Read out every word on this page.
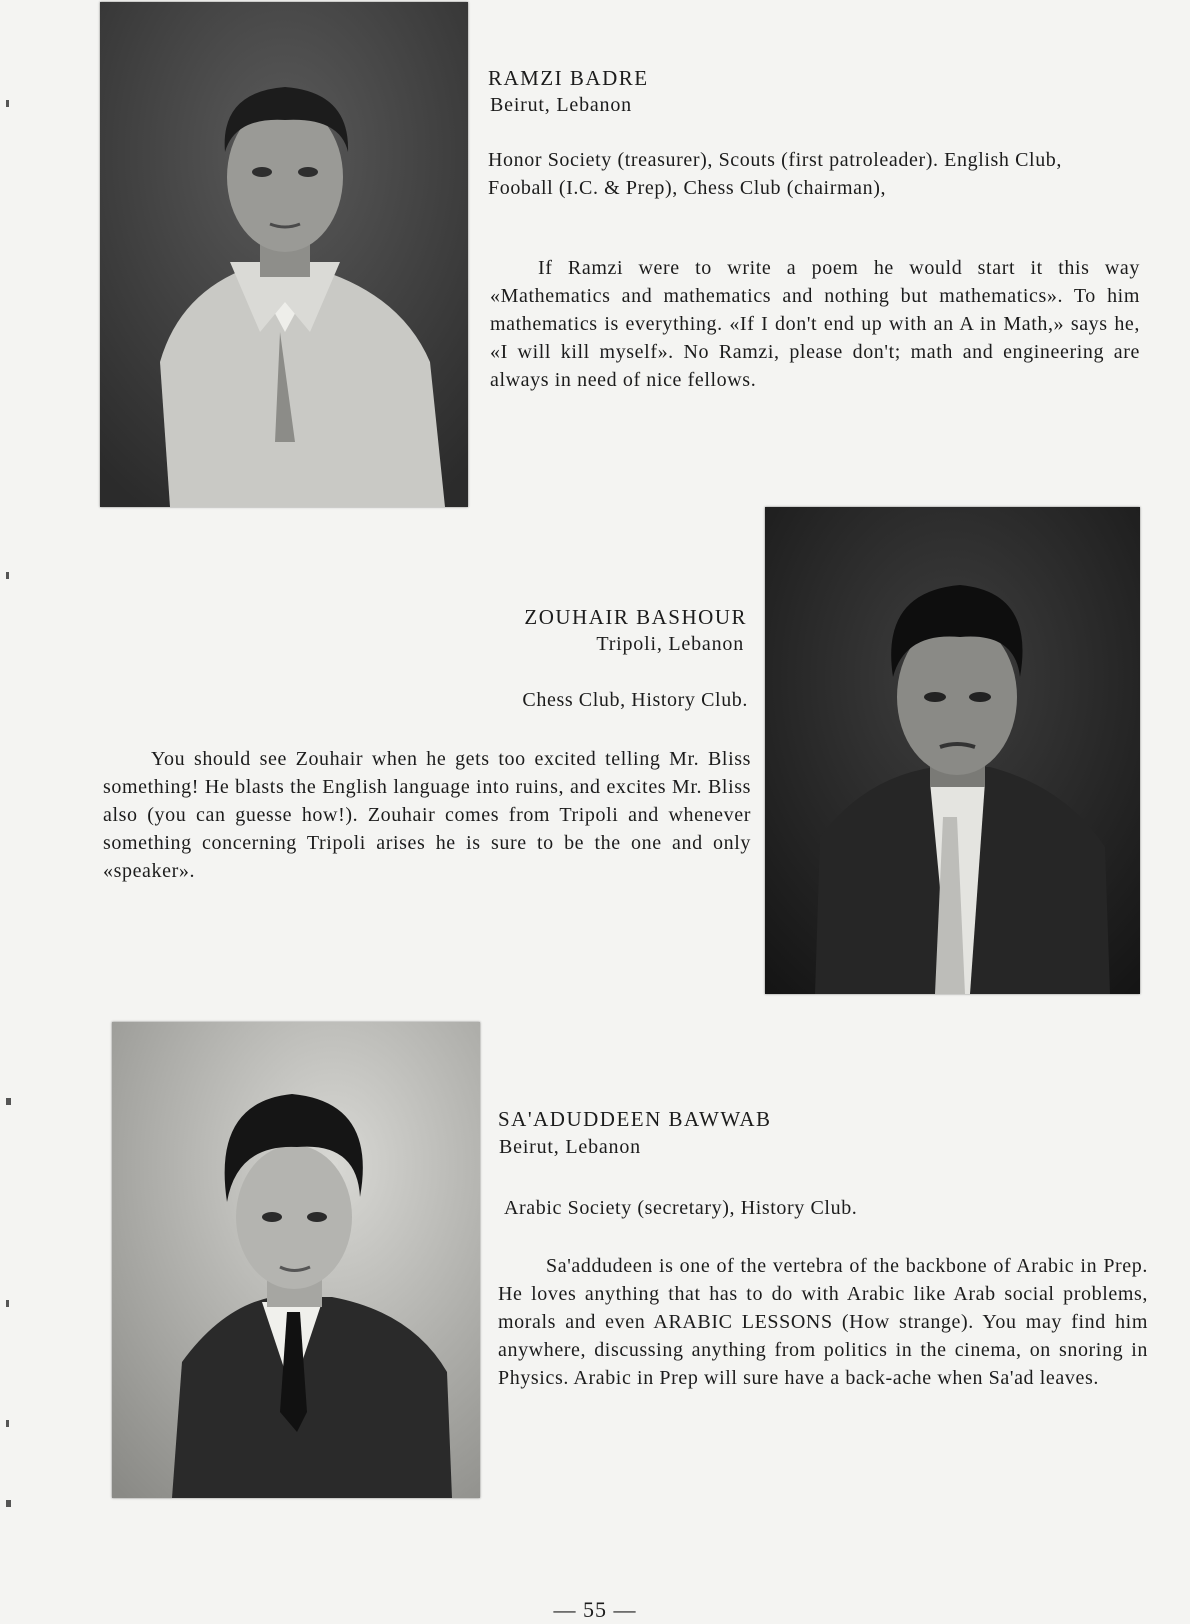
RAMZI BADRE
Beirut, Lebanon
Honor Society (treasurer), Scouts (first patroleader). English Club, Fooball (I.C. & Prep), Chess Club (chairman),

If Ramzi were to write a poem he would start it this way «Mathematics and mathematics and nothing but mathematics». To him mathematics is everything. «If I don't end up with an A in Math,» says he, «I will kill myself». No Ramzi, please don't; math and engineering are always in need of nice fellows.

ZOUHAIR BASHOUR
Tripoli, Lebanon
Chess Club, History Club.

You should see Zouhair when he gets too excited telling Mr. Bliss something! He blasts the English language into ruins, and excites Mr. Bliss also (you can guesse how!). Zouhair comes from Tripoli and whenever something concerning Tripoli arises he is sure to be the one and only «speaker».

SA'ADUDDEEN BAWWAB
Beirut, Lebanon
Arabic Society (secretary), History Club.

Sa'addudeen is one of the vertebra of the backbone of Arabic in Prep. He loves anything that has to do with Arabic like Arab social problems, morals and even ARABIC LESSONS (How strange). You may find him anywhere, discussing anything from politics in the cinema, on snoring in Physics. Arabic in Prep will sure have a back-ache when Sa'ad leaves.

— 55 —
